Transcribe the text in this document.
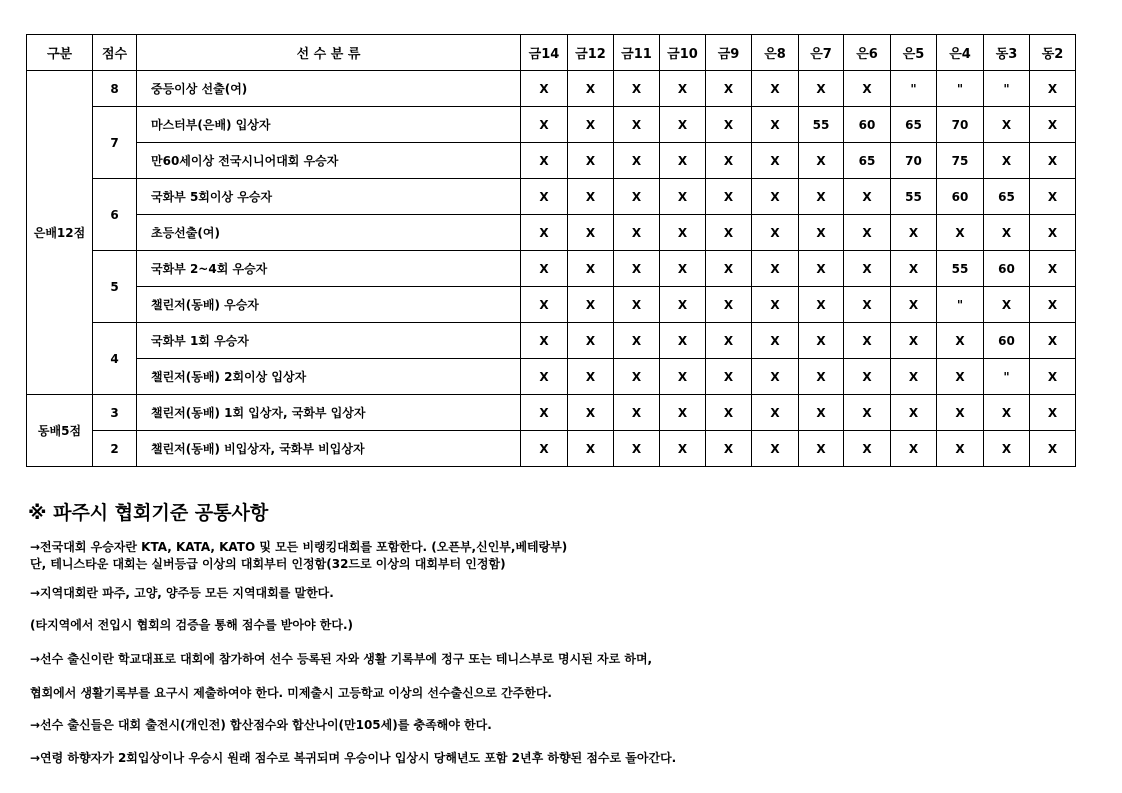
구분	점수	선 수 분 류	금14	금12	금11	금10	금9	은8	은7	은6	은5	은4	동3	동2
은배12점	8	중등이상 선출(여)	X	X	X	X	X	X	X	X	"	"	"	X
	7	마스터부(은배) 입상자	X	X	X	X	X	X	55	60	65	70	X	X
		만60세이상 전국시니어대회 우승자	X	X	X	X	X	X	X	65	70	75	X	X
	6	국화부 5회이상 우승자	X	X	X	X	X	X	X	X	55	60	65	X
		초등선출(여)	X	X	X	X	X	X	X	X	X	X	X	X
	5	국화부 2~4회 우승자	X	X	X	X	X	X	X	X	X	55	60	X
		챌린저(동배) 우승자	X	X	X	X	X	X	X	X	X	"	X	X
	4	국화부 1회 우승자	X	X	X	X	X	X	X	X	X	X	60	X
		챌린저(동배) 2회이상 입상자	X	X	X	X	X	X	X	X	X	X	"	X
동배5점	3	챌린저(동배) 1회 입상자, 국화부 입상자	X	X	X	X	X	X	X	X	X	X	X	X
	2	챌린저(동배) 비입상자, 국화부 비입상자	X	X	X	X	X	X	X	X	X	X	X	X
※ 파주시 협회기준 공통사항
→전국대회 우승자란 KTA, KATA, KATO 및 모든 비랭킹대회를 포함한다. (오픈부,신인부,베테랑부)
단, 테니스타운 대회는 실버등급 이상의 대회부터 인정함(32드로 이상의 대회부터 인정함)
→지역대회란 파주, 고양, 양주등 모든 지역대회를 말한다.
(타지역에서 전입시 협회의 검증을 통해 점수를 받아야 한다.)
→선수 출신이란 학교대표로 대회에 참가하여 선수 등록된 자와 생활 기록부에 정구 또는 테니스부로 명시된 자로 하며,
협회에서 생활기록부를 요구시 제출하여야 한다. 미제출시 고등학교 이상의 선수출신으로 간주한다.
→선수 출신들은 대회 출전시(개인전) 합산점수와 합산나이(만105세)를 충족해야 한다.
→연령 하향자가 2회입상이나 우승시 원래 점수로 복귀되며 우승이나 입상시 당해년도 포함 2년후 하향된 점수로 돌아간다.
